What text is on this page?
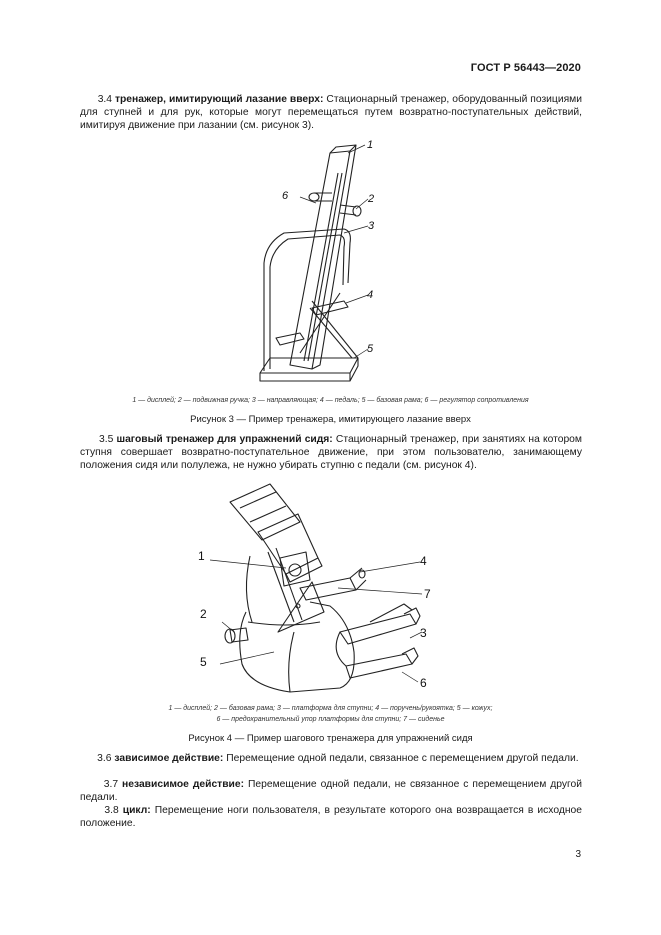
ГОСТ Р 56443—2020
3.4 тренажер, имитирующий лазание вверх: Стационарный тренажер, оборудованный позициями для ступней и для рук, которые могут перемещаться путем возвратно-поступательных действий, имитируя движение при лазании (см. рисунок 3).
1
2
3
4
5
6
1 — дисплей; 2 — подвижная ручка; 3 — направляющая; 4 — педаль; 5 — базовая рама; 6 — регулятор сопротивления
Рисунок 3 — Пример тренажера, имитирующего лазание вверх
3.5 шаговый тренажер для упражнений сидя: Стационарный тренажер, при занятиях на котором ступня совершает возвратно-поступательное движение, при этом пользователю, занимающему положения сидя или полулежа, не нужно убирать ступню с педали (см. рисунок 4).
1
2
3
4
5
6
7
1 — дисплей; 2 — базовая рама; 3 — платформа для ступни; 4 — поручень/рукоятка; 5 — кожух;
6 — предохранительный упор платформы для ступни; 7 — сиденье
Рисунок 4 — Пример шагового тренажера для упражнений сидя
3.6 зависимое действие: Перемещение одной педали, связанное с перемещением другой педали.
3.7 независимое действие: Перемещение одной педали, не связанное с перемещением другой педали.
3.8 цикл: Перемещение ноги пользователя, в результате которого она возвращается в исходное положение.
3
